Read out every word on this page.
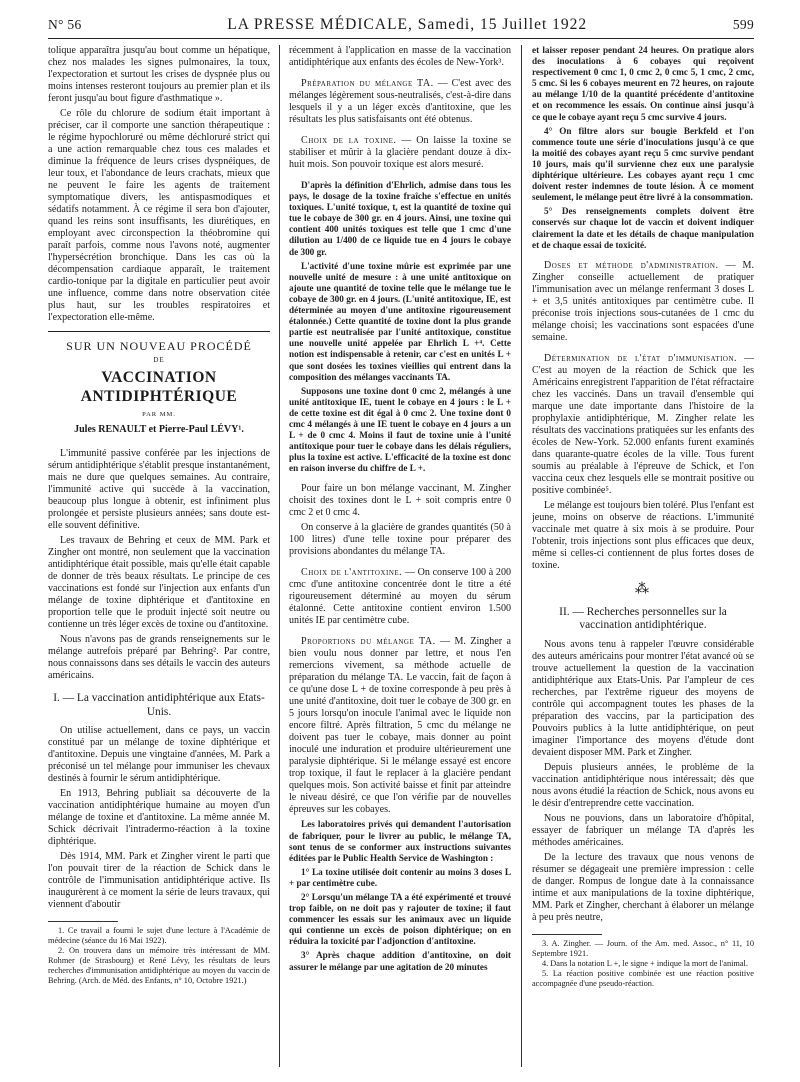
N° 56	LA PRESSE MÉDICALE, Samedi, 15 Juillet 1922	599

tolique apparaîtra jusqu'au bout comme un hépatique, chez nos malades les signes pulmonaires, la toux, l'expectoration et surtout les crises de dyspnée plus ou moins intenses resteront toujours au premier plan et ils feront jusqu'au bout figure d'asthmatique ».

Ce rôle du chlorure de sodium était important à préciser, car il comporte une sanction thérapeutique : le régime hypochloruré ou même déchloruré strict qui a une action remarquable chez tous ces malades et diminue la fréquence de leurs crises dyspnéiques, de leur toux, et l'abondance de leurs crachats, mieux que ne peuvent le faire les agents de traitement symptomatique divers, les antispasmodiques et sédatifs notamment. À ce régime il sera bon d'ajouter, quand les reins sont insuffisants, les diurétiques, en employant avec circonspection la théobromine qui paraît parfois, comme nous l'avons noté, augmenter l'hypersécrétion bronchique. Dans les cas où la décompensation cardiaque apparaît, le traitement cardio-tonique par la digitale en particulier peut avoir une influence, comme dans notre observation citée plus haut, sur les troubles respiratoires et l'expectoration elle-même.

SUR UN NOUVEAU PROCÉDÉ
DE
VACCINATION ANTIDIPHTÉRIQUE
PAR MM.
Jules RENAULT et Pierre-Paul LÉVY¹.

L'immunité passive conférée par les injections de sérum antidiphtérique s'établit presque instantanément, mais ne dure que quelques semaines. Au contraire, l'immunité active qui succède à la vaccination, beaucoup plus longue à obtenir, est infiniment plus prolongée et persiste plusieurs années; sans doute est-elle souvent définitive.

Les travaux de Behring et ceux de MM. Park et Zingher ont montré, non seulement que la vaccination antidiphtérique était possible, mais qu'elle était capable de donner de très beaux résultats. Le principe de ces vaccinations est fondé sur l'injection aux enfants d'un mélange de toxine diphtérique et d'antitoxine en proportion telle que le produit injecté soit neutre ou contienne un très léger excès de toxine ou d'antitoxine.

Nous n'avons pas de grands renseignements sur le mélange autrefois préparé par Behring². Par contre, nous connaissons dans ses détails le vaccin des auteurs américains.

I. — La vaccination antidiphtérique aux Etats-Unis.

On utilise actuellement, dans ce pays, un vaccin constitué par un mélange de toxine diphtérique et d'antitoxine. Depuis une vingtaine d'années, M. Park a préconisé un tel mélange pour immuniser les chevaux destinés à fournir le sérum antidiphtérique.

En 1913, Behring publiait sa découverte de la vaccination antidiphtérique humaine au moyen d'un mélange de toxine et d'antitoxine. La même année M. Schick décrivait l'intradermo-réaction à la toxine diphtérique.

Dès 1914, MM. Park et Zingher virent le parti que l'on pouvait tirer de la réaction de Schick dans le contrôle de l'immunisation antidiphtérique active. Ils inaugurèrent à ce moment la série de leurs travaux, qui viennent d'aboutir

1. Ce travail a fourni le sujet d'une lecture à l'Académie de médecine (séance du 16 Mai 1922).

2. On trouvera dans un mémoire très intéressant de MM. Rohmer (de Strasbourg) et René Lévy, les résultats de leurs recherches d'immunisation antidiphtérique au moyen du vaccin de Behring. (Arch. de Méd. des Enfants, n° 10, Octobre 1921.)

récemment à l'application en masse de la vaccination antidiphtérique aux enfants des écoles de New-York³.

Préparation du mélange TA. — C'est avec des mélanges légèrement sous-neutralisés, c'est-à-dire dans lesquels il y a un léger excès d'antitoxine, que les résultats les plus satisfaisants ont été obtenus.

Choix de la toxine. — On laisse la toxine se stabiliser et mûrir à la glacière pendant douze à dix-huit mois. Son pouvoir toxique est alors mesuré.

D'après la définition d'Ehrlich, admise dans tous les pays, le dosage de la toxine fraîche s'effectue en unités toxiques. L'unité toxique, t, est la quantité de toxine qui tue le cobaye de 300 gr. en 4 jours. Ainsi, une toxine qui contient 400 unités toxiques est telle que 1 cmc d'une dilution au 1/400 de ce liquide tue en 4 jours le cobaye de 300 gr.

L'activité d'une toxine mûrie est exprimée par une nouvelle unité de mesure : à une unité antitoxique on ajoute une quantité de toxine telle que le mélange tue le cobaye de 300 gr. en 4 jours. (L'unité antitoxique, IE, est déterminée au moyen d'une antitoxine rigoureusement étalonnée.) Cette quantité de toxine dont la plus grande partie est neutralisée par l'unité antitoxique, constitue une nouvelle unité appelée par Ehrlich L +⁴. Cette notion est indispensable à retenir, car c'est en unités L + que sont dosées les toxines vieillies qui entrent dans la composition des mélanges vaccinants TA.

Supposons une toxine dont 0 cmc 2, mélangés à une unité antitoxique IE, tuent le cobaye en 4 jours : le L + de cette toxine est dit égal à 0 cmc 2. Une toxine dont 0 cmc 4 mélangés à une IE tuent le cobaye en 4 jours a un L + de 0 cmc 4. Moins il faut de toxine unie à l'unité antitoxique pour tuer le cobaye dans les délais réguliers, plus la toxine est active. L'efficacité de la toxine est donc en raison inverse du chiffre de L +.

Pour faire un bon mélange vaccinant, M. Zingher choisit des toxines dont le L + soit compris entre 0 cmc 2 et 0 cmc 4.

On conserve à la glacière de grandes quantités (50 à 100 litres) d'une telle toxine pour préparer des provisions abondantes du mélange TA.

Choix de l'antitoxine. — On conserve 100 à 200 cmc d'une antitoxine concentrée dont le titre a été rigoureusement déterminé au moyen du sérum étalonné. Cette antitoxine contient environ 1.500 unités IE par centimètre cube.

Proportions du mélange TA. — M. Zingher a bien voulu nous donner par lettre, et nous l'en remercions vivement, sa méthode actuelle de préparation du mélange TA. Le vaccin, fait de façon à ce qu'une dose L + de toxine corresponde à peu près à une unité d'antitoxine, doit tuer le cobaye de 300 gr. en 5 jours lorsqu'on inocule l'animal avec le liquide non encore filtré. Après filtration, 5 cmc du mélange ne doivent pas tuer le cobaye, mais donner au point inoculé une induration et produire ultérieurement une paralysie diphtérique. Si le mélange essayé est encore trop toxique, il faut le replacer à la glacière pendant quelques mois. Son activité baisse et finit par atteindre le niveau désiré, ce que l'on vérifie par de nouvelles épreuves sur les cobayes.

Les laboratoires privés qui demandent l'autorisation de fabriquer, pour le livrer au public, le mélange TA, sont tenus de se conformer aux instructions suivantes éditées par le Public Health Service de Washington :

1° La toxine utilisée doit contenir au moins 3 doses L + par centimètre cube.

2° Lorsqu'un mélange TA a été expérimenté et trouvé trop faible, on ne doit pas y rajouter de toxine; il faut commencer les essais sur les animaux avec un liquide qui contienne un excès de poison diphtérique; on en réduira la toxicité par l'adjonction d'antitoxine.

3° Après chaque addition d'antitoxine, on doit assurer le mélange par une agitation de 20 minutes

et laisser reposer pendant 24 heures. On pratique alors des inoculations à 6 cobayes qui reçoivent respectivement 0 cmc 1, 0 cmc 2, 0 cmc 5, 1 cmc, 2 cmc, 5 cmc. Si les 6 cobayes meurent en 72 heures, on rajoute au mélange 1/10 de la quantité précédente d'antitoxine et on recommence les essais. On continue ainsi jusqu'à ce que le cobaye ayant reçu 5 cmc survive 4 jours.

4° On filtre alors sur bougie Berkfeld et l'on commence toute une série d'inoculations jusqu'à ce que la moitié des cobayes ayant reçu 5 cmc survive pendant 10 jours, mais qu'il survienne chez eux une paralysie diphtérique ultérieure. Les cobayes ayant reçu 1 cmc doivent rester indemnes de toute lésion. À ce moment seulement, le mélange peut être livré à la consommation.

5° Des renseignements complets doivent être conservés sur chaque lot de vaccin et doivent indiquer clairement la date et les détails de chaque manipulation et de chaque essai de toxicité.

Doses et méthode d'administration. — M. Zingher conseille actuellement de pratiquer l'immunisation avec un mélange renfermant 3 doses L + et 3,5 unités antitoxiques par centimètre cube. Il préconise trois injections sous-cutanées de 1 cmc du mélange choisi; les vaccinations sont espacées d'une semaine.

Détermination de l'état d'immunisation. — C'est au moyen de la réaction de Schick que les Américains enregistrent l'apparition de l'état réfractaire chez les vaccinés. Dans un travail d'ensemble qui marque une date importante dans l'histoire de la prophylaxie antidiphtérique, M. Zingher relate les résultats des vaccinations pratiquées sur les enfants des écoles de New-York. 52.000 enfants furent examinés dans quarante-quatre écoles de la ville. Tous furent soumis au préalable à l'épreuve de Schick, et l'on vaccina ceux chez lesquels elle se montrait positive ou positive combinée⁵.

Le mélange est toujours bien toléré. Plus l'enfant est jeune, moins on observe de réactions. L'immunité vaccinale met quatre à six mois à se produire. Pour l'obtenir, trois injections sont plus efficaces que deux, même si celles-ci contiennent de plus fortes doses de toxine.

⁂
II. — Recherches personnelles sur la vaccination antidiphtérique.

Nous avons tenu à rappeler l'œuvre considérable des auteurs américains pour montrer l'état avancé où se trouve actuellement la question de la vaccination antidiphtérique aux Etats-Unis. Par l'ampleur de ces recherches, par l'extrême rigueur des moyens de contrôle qui accompagnent toutes les phases de la préparation des vaccins, par la participation des Pouvoirs publics à la lutte antidiphtérique, on peut imaginer l'importance des moyens d'étude dont devaient disposer MM. Park et Zingher.

Depuis plusieurs années, le problème de la vaccination antidiphtérique nous intéressait; dès que nous avons étudié la réaction de Schick, nous avons eu le désir d'entreprendre cette vaccination.

Nous ne pouvions, dans un laboratoire d'hôpital, essayer de fabriquer un mélange TA d'après les méthodes américaines.

De la lecture des travaux que nous venons de résumer se dégageait une première impression : celle de danger. Rompus de longue date à la connaissance intime et aux manipulations de la toxine diphtérique, MM. Park et Zingher, cherchant à élaborer un mélange à peu près neutre,

3. A. Zingher. — Journ. of the Am. med. Assoc., n° 11, 10 Septembre 1921.

4. Dans la notation L +, le signe + indique la mort de l'animal.

5. La réaction positive combinée est une réaction positive accompagnée d'une pseudo-réaction.
